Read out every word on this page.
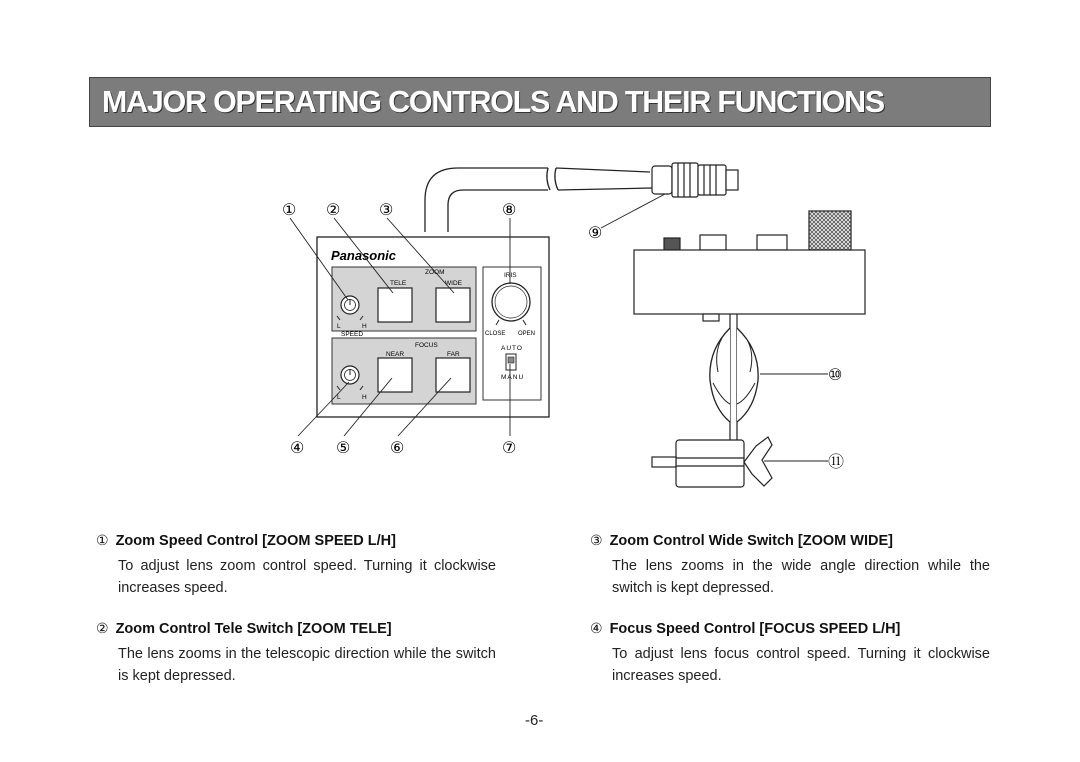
MAJOR OPERATING CONTROLS AND THEIR FUNCTIONS
Panasonic
ZOOM
TELE	WIDE
L	H
SPEED
FOCUS
NEAR	FAR
L	H
IRIS
CLOSE OPEN
AUTO
MANU
① ② ③	⑧
⑨
④ ⑤ ⑥	⑦
⑩
⑪
① Zoom Speed Control [ZOOM SPEED L/H]
To adjust lens zoom control speed. Turning it clockwise increases speed.
② Zoom Control Tele Switch [ZOOM TELE]
The lens zooms in the telescopic direction while the switch is kept depressed.
③ Zoom Control Wide Switch [ZOOM WIDE]
The lens zooms in the wide angle direction while the switch is kept depressed.
④ Focus Speed Control [FOCUS SPEED L/H]
To adjust lens focus control speed. Turning it clockwise increases speed.
-6-
